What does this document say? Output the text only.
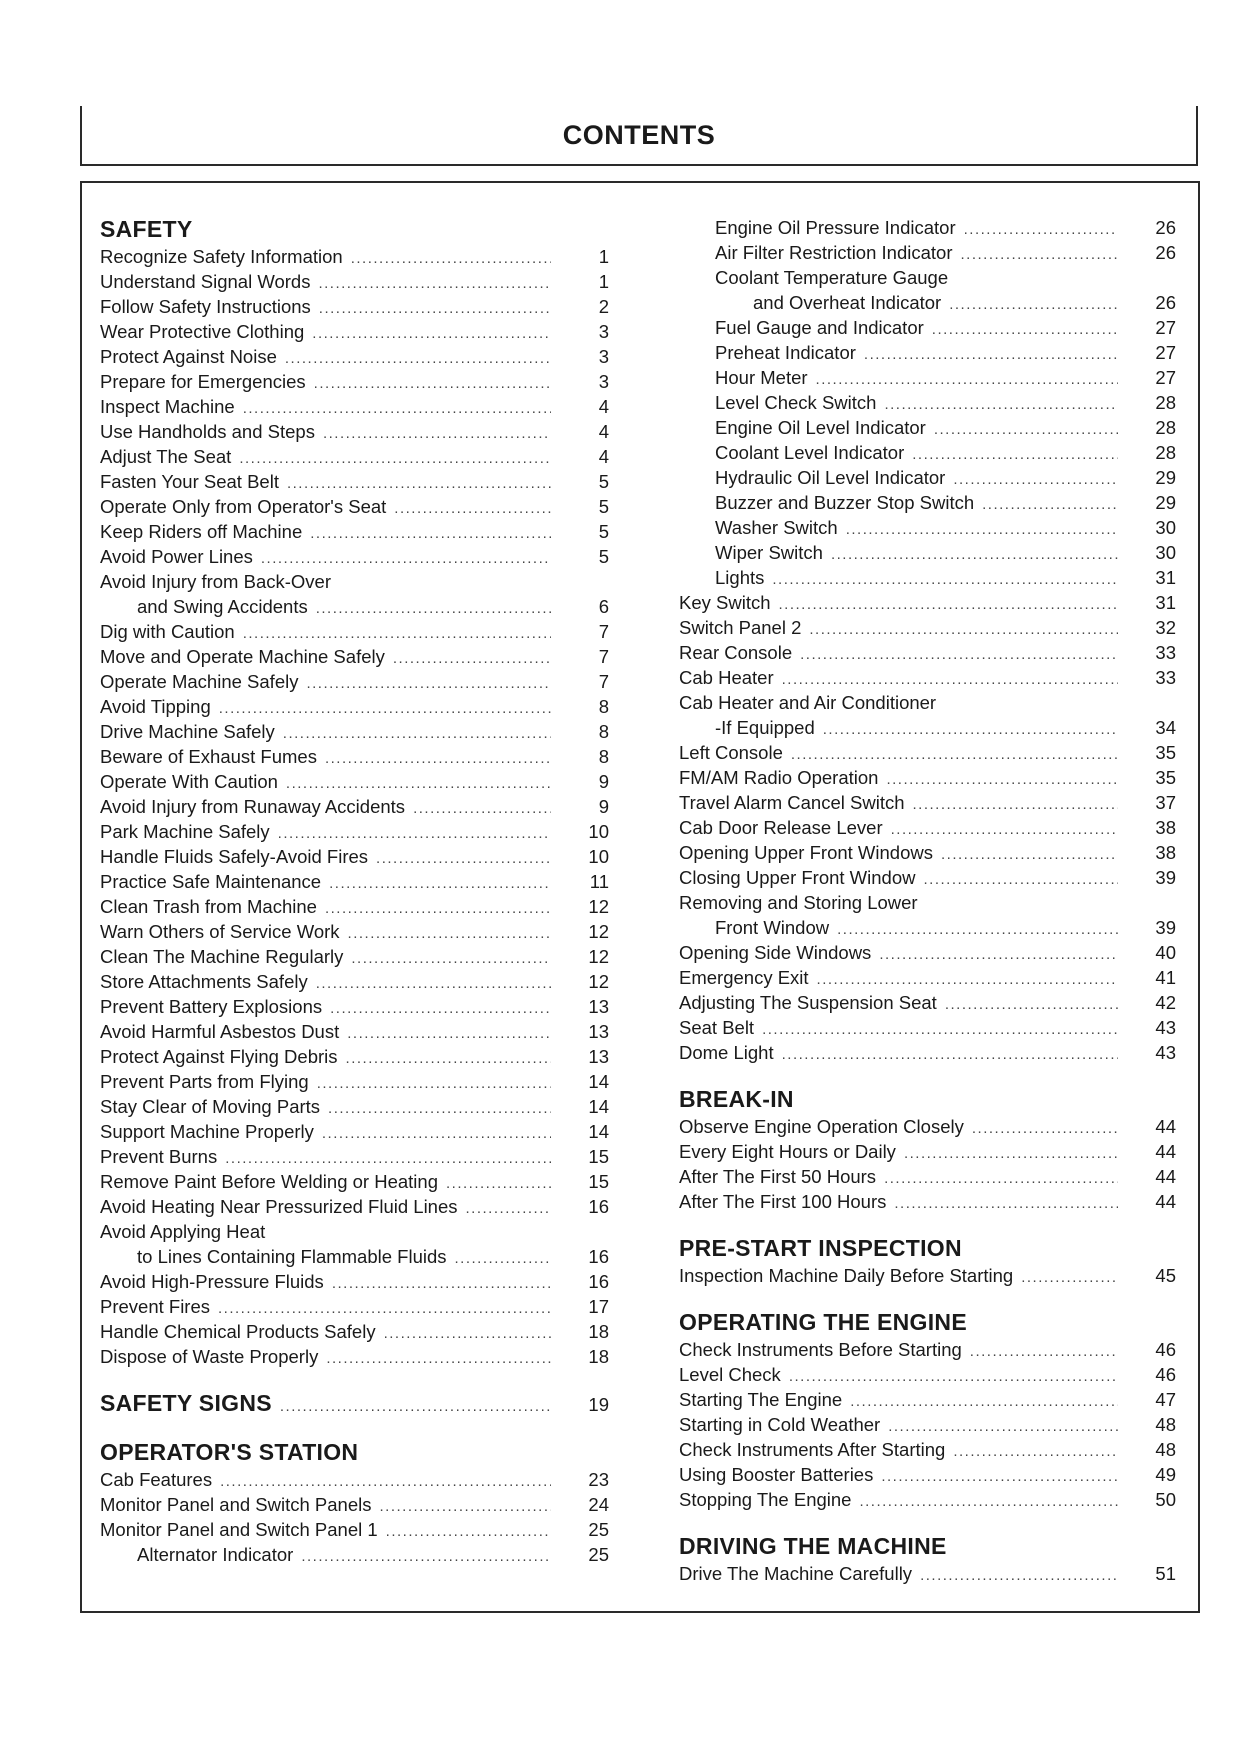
CONTENTS
SAFETY
Recognize Safety Information .....	1
Understand Signal Words .....	1
Follow Safety Instructions .....	2
Wear Protective Clothing .....	3
Protect Against Noise .....	3
Prepare for Emergencies .....	3
Inspect Machine .....	4
Use Handholds and Steps .....	4
Adjust The Seat .....	4
Fasten Your Seat Belt .....	5
Operate Only from Operator's Seat .....	5
Keep Riders off Machine .....	5
Avoid Power Lines .....	5
Avoid Injury from Back-Over
and Swing Accidents .....	6
Dig with Caution .....	7
Move and Operate Machine Safely .....	7
Operate Machine Safely .....	7
Avoid Tipping .....	8
Drive Machine Safely .....	8
Beware of Exhaust Fumes .....	8
Operate With Caution .....	9
Avoid Injury from Runaway Accidents .....	9
Park Machine Safely .....	10
Handle Fluids Safely-Avoid Fires .....	10
Practice Safe Maintenance .....	11
Clean Trash from Machine .....	12
Warn Others of Service Work .....	12
Clean The Machine Regularly .....	12
Store Attachments Safely .....	12
Prevent Battery Explosions .....	13
Avoid Harmful Asbestos Dust .....	13
Protect Against Flying Debris .....	13
Prevent Parts from Flying .....	14
Stay Clear of Moving Parts .....	14
Support Machine Properly .....	14
Prevent Burns .....	15
Remove Paint Before Welding or Heating .....	15
Avoid Heating Near Pressurized Fluid Lines .....	16
Avoid Applying Heat
to Lines Containing Flammable Fluids .....	16
Avoid High-Pressure Fluids .....	16
Prevent Fires .....	17
Handle Chemical Products Safely .....	18
Dispose of Waste Properly .....	18
SAFETY SIGNS .....	19
OPERATOR'S STATION
Cab Features .....	23
Monitor Panel and Switch Panels .....	24
Monitor Panel and Switch Panel 1 .....	25
Alternator Indicator .....	25
Engine Oil Pressure Indicator .....	26
Air Filter Restriction Indicator .....	26
Coolant Temperature Gauge
and Overheat Indicator .....	26
Fuel Gauge and Indicator .....	27
Preheat Indicator .....	27
Hour Meter .....	27
Level Check Switch .....	28
Engine Oil Level Indicator .....	28
Coolant Level Indicator .....	28
Hydraulic Oil Level Indicator .....	29
Buzzer and Buzzer Stop Switch .....	29
Washer Switch .....	30
Wiper Switch .....	30
Lights .....	31
Key Switch .....	31
Switch Panel 2 .....	32
Rear Console .....	33
Cab Heater .....	33
Cab Heater and Air Conditioner
-If Equipped .....	34
Left Console .....	35
FM/AM Radio Operation .....	35
Travel Alarm Cancel Switch .....	37
Cab Door Release Lever .....	38
Opening Upper Front Windows .....	38
Closing Upper Front Window .....	39
Removing and Storing Lower
Front Window .....	39
Opening Side Windows .....	40
Emergency Exit .....	41
Adjusting The Suspension Seat .....	42
Seat Belt .....	43
Dome Light .....	43
BREAK-IN
Observe Engine Operation Closely .....	44
Every Eight Hours or Daily .....	44
After The First 50 Hours .....	44
After The First 100 Hours .....	44
PRE-START INSPECTION
Inspection Machine Daily Before Starting .....	45
OPERATING THE ENGINE
Check Instruments Before Starting .....	46
Level Check .....	46
Starting The Engine .....	47
Starting in Cold Weather .....	48
Check Instruments After Starting .....	48
Using Booster Batteries .....	49
Stopping The Engine .....	50
DRIVING THE MACHINE
Drive The Machine Carefully .....	51
